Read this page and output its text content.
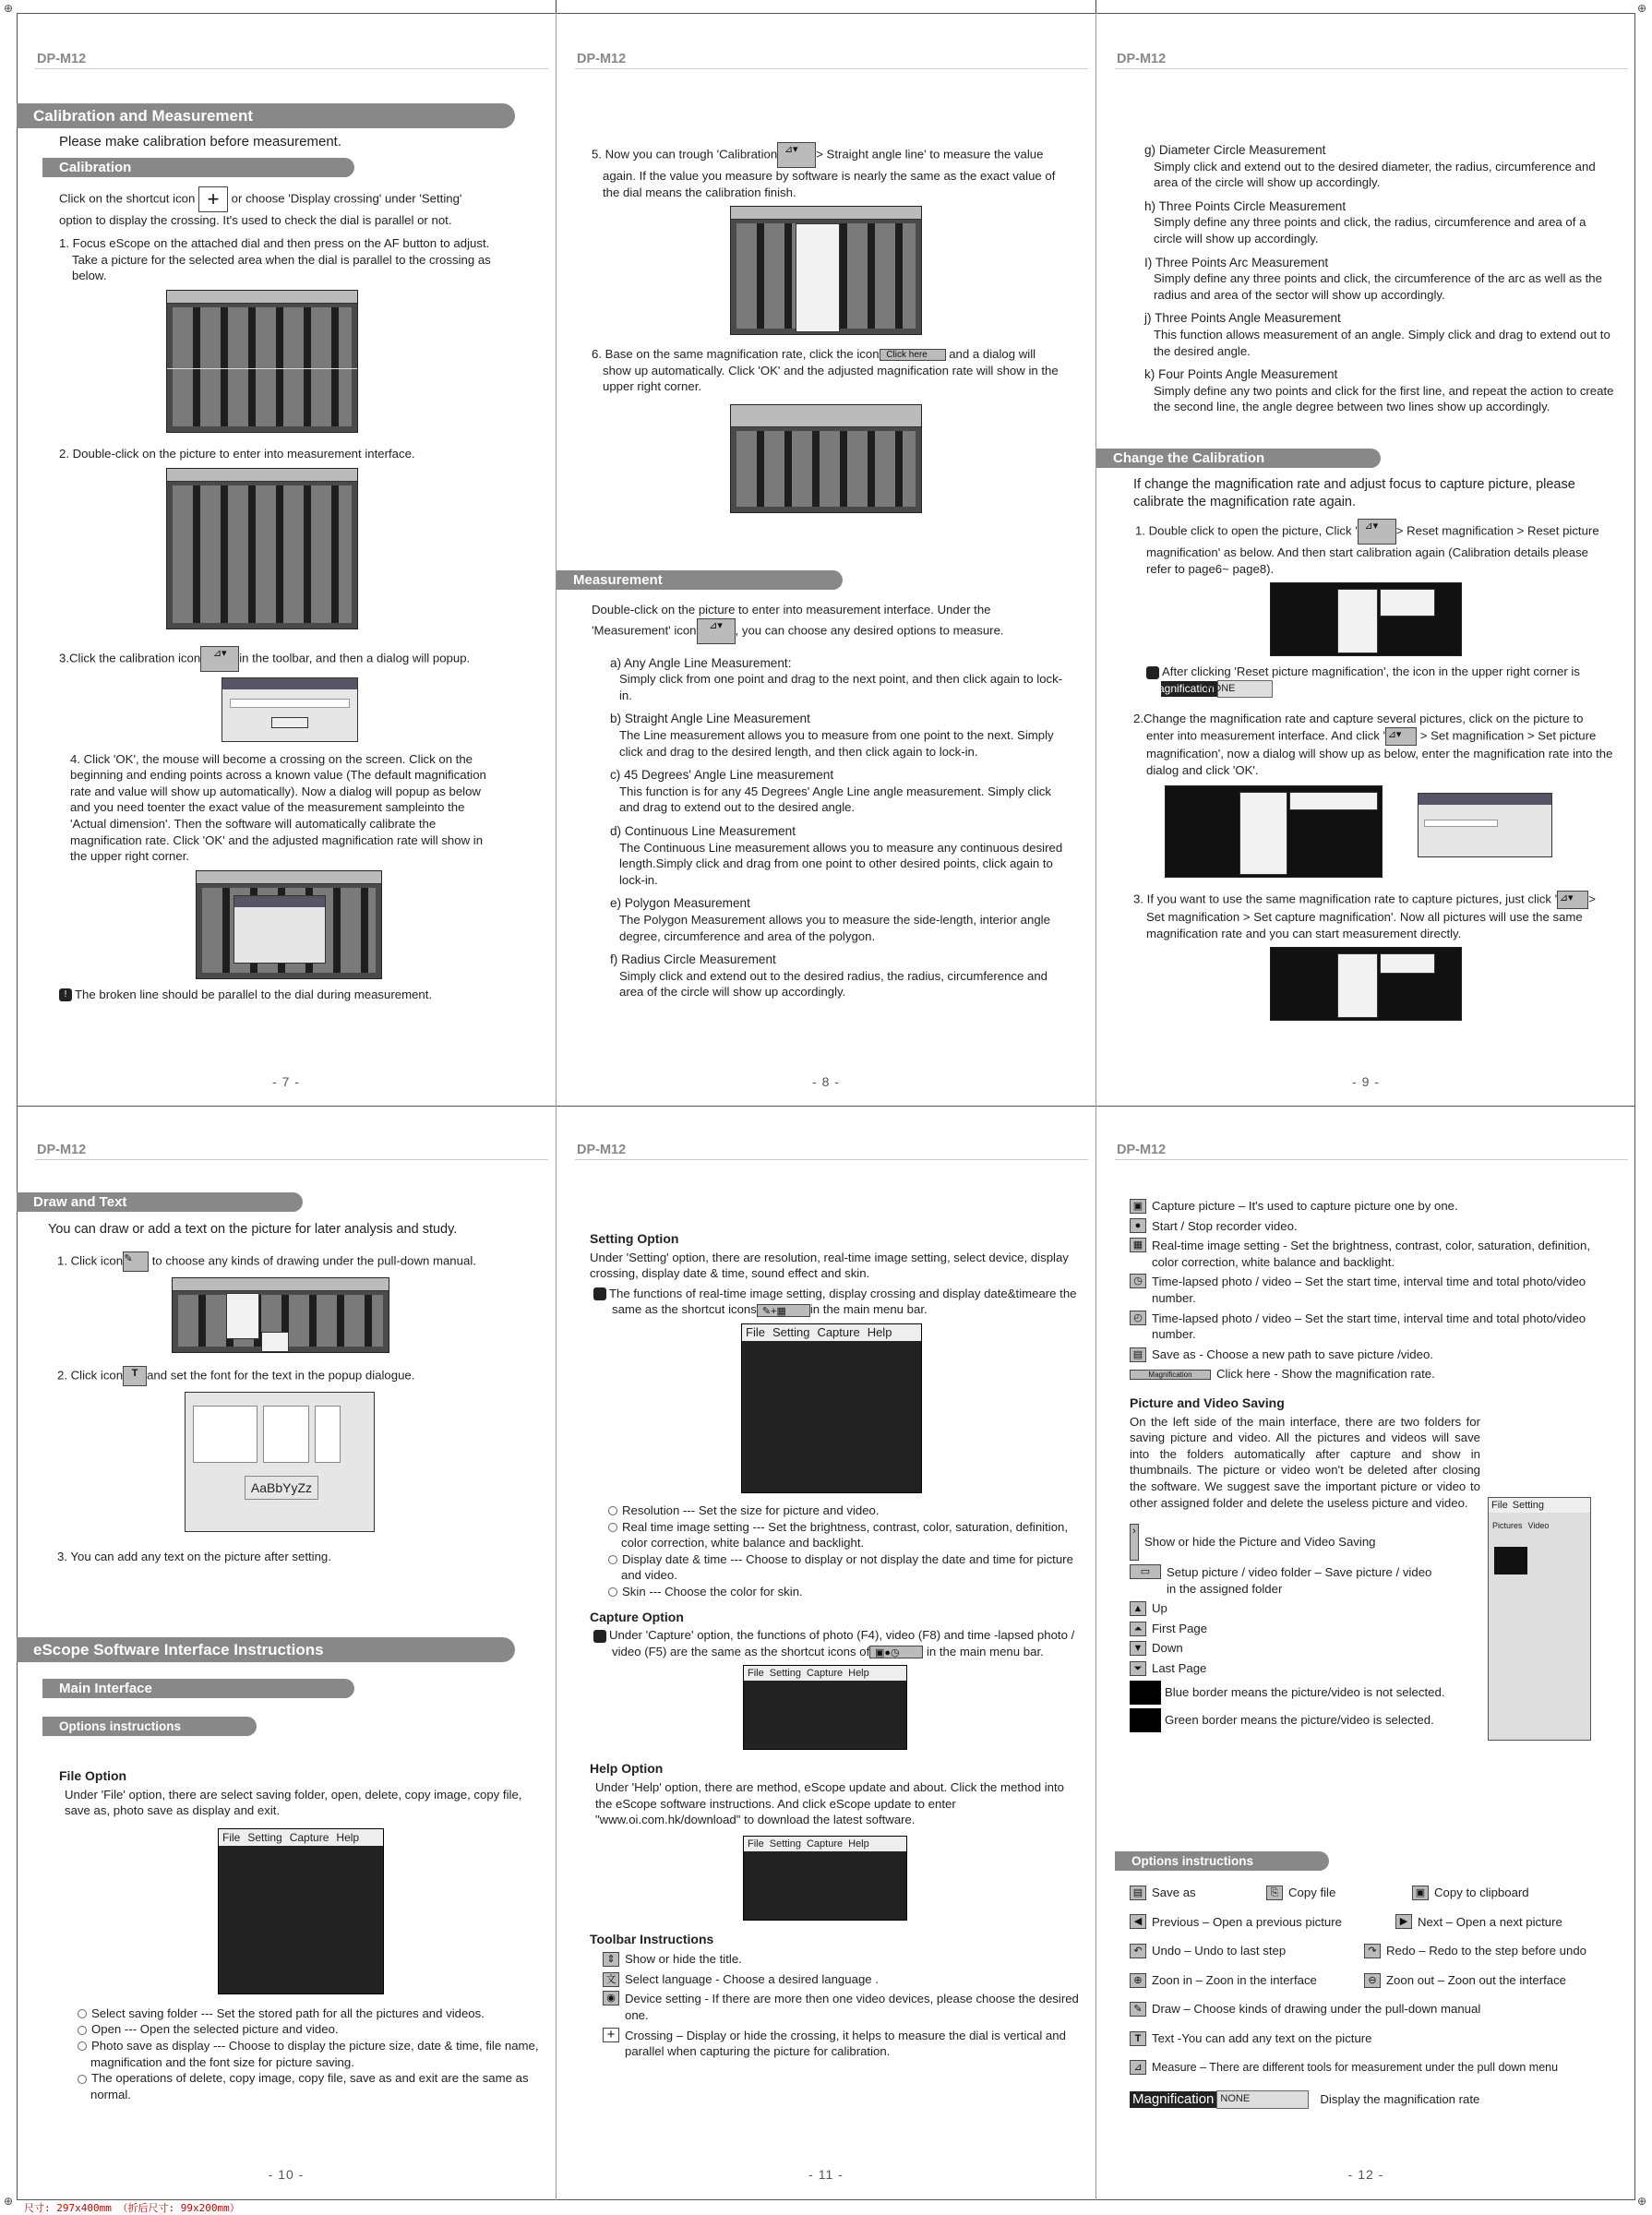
⊕	⊕
⊕	⊕
DP-M12
Calibration and Measurement

Please make calibration before measurement.

Calibration

Click on the shortcut icon + or choose 'Display crossing' under 'Setting' option to display the crossing. It's used to check the dial is parallel or not.

1. Focus eScope on the attached dial and then press on the AF button to adjust. Take a picture for the selected area when the dial is parallel to the crossing as below.

2. Double-click on the picture to enter into measurement interface.

3.Click the calibration icon ⊿▾ in the toolbar, and then a dialog will popup.

4. Click 'OK', the mouse will become a crossing on the screen. Click on the beginning and ending points across a known value (The default magnification rate and value will show up automatically). Now a dialog will popup as below and you need toenter the exact value of the measurement sampleinto the 'Actual dimension'. Then the software will automatically calibrate the magnification rate. Click 'OK' and the adjusted magnification rate will show in the upper right corner.

! The broken line should be parallel to the dial during measurement.

- 7 -
DP-M12

5. Now you can trough 'Calibration ⊿▾ > Straight angle line' to measure the value again. If the value you measure by software is nearly the same as the exact value of the dial means the calibration finish.

6. Base on the same magnification rate, click the icon Click here and a dialog will show up automatically. Click 'OK' and the adjusted magnification rate will show in the upper right corner.

Measurement

Double-click on the picture to enter into measurement interface. Under the 'Measurement' icon ⊿▾ , you can choose any desired options to measure.

a) Any Angle Line Measurement:

Simply click from one point and drag to the next point, and then click again to lock-in.

b) Straight Angle Line Measurement

The Line measurement allows you to measure from one point to the next. Simply click and drag to the desired length, and then click again to lock-in.

c) 45 Degrees' Angle Line measurement

This function is for any 45 Degrees' Angle Line angle measurement. Simply click and drag to extend out to the desired angle.

d) Continuous Line Measurement

The Continuous Line measurement allows you to measure any continuous desired length.Simply click and drag from one point to other desired points, click again to lock-in.

e) Polygon Measurement

The Polygon Measurement allows you to measure the side-length, interior angle degree, circumference and area of the polygon.

f) Radius Circle Measurement

Simply click and extend out to the desired radius, the radius, circumference and area of the circle will show up accordingly.

- 8 -
DP-M12

g) Diameter Circle Measurement

Simply click and extend out to the desired diameter, the radius, circumference and area of the circle will show up accordingly.

h) Three Points Circle Measurement

Simply define any three points and click, the radius, circumference and area of a circle will show up accordingly.

I) Three Points Arc Measurement

Simply define any three points and click, the circumference of the arc as well as the radius and area of the sector will show up accordingly.

j) Three Points Angle Measurement

This function allows measurement of an angle. Simply click and drag to extend out to the desired angle.

k) Four Points Angle Measurement

Simply define any two points and click for the first line, and repeat the action to create the second line, the angle degree between two lines show up accordingly.

Change the Calibration

If change the magnification rate and adjust focus to capture picture, please calibrate the magnification rate again.

1. Double click to open the picture, Click ' ⊿▾ > Reset magnification > Reset picture magnification' as below. And then start calibration again (Calibration details please refer to page6~ page8).

! After clicking 'Reset picture magnification', the icon in the upper right corner is MagnificationNONE

2.Change the magnification rate and capture several pictures, click on the picture to enter into measurement interface. And click ' ⊿▾ > Set magnification > Set picture magnification', now a dialog will show up as below, enter the magnification rate into the dialog and click 'OK'.

3. If you want to use the same magnification rate to capture pictures, just click ' ⊿▾ > Set magnification > Set capture magnification'. Now all pictures will use the same magnification rate and you can start measurement directly.

- 9 -
DP-M12
Draw and Text

You can draw or add a text on the picture for later analysis and study.

1. Click icon✎ to choose any kinds of drawing under the pull-down manual.

2. Click icon T and set the font for the text in the popup dialogue.

AaBbYyZz

3. You can add any text on the picture after setting.

eScope Software Interface Instructions
Main Interface
Options instructions

File Option

Under 'File' option, there are select saving folder, open, delete, copy image, copy file, save as, photo save as display and exit.

File Setting Capture Help
Select saving folder
Open
Delete
Copy image
Copy file
Save as
Photo save as display
Exit

Select saving folder --- Set the stored path for all the pictures and videos.

Open --- Open the selected picture and video.

Photo save as display --- Choose to display the picture size, date & time, file name, magnification and the font size for picture saving.

The operations of delete, copy image, copy file, save as and exit are the same as normal.

- 10 -
DP-M12

Setting Option

Under 'Setting' option, there are resolution, real-time image setting, select device, display crossing, display date & time, sound effect and skin.

! The functions of real-time image setting, display crossing and display date&timeare the same as the shortcut icons ✎+▦ in the main menu bar.

File Setting Capture Help
Resolution
Real-time image setting
Video compression
Display crossing
Display date & time
Sound effect
skin

Resolution --- Set the size for picture and video.

Real time image setting --- Set the brightness, contrast, color, saturation, definition, color correction, white balance and backlight.

Display date & time --- Choose to display or not display the date and time for picture and video.

Skin --- Choose the color for skin.

Capture Option

! Under 'Capture' option, the functions of photo (F4), video (F8) and time -lapsed photo / video (F5) are the same as the shortcut icons of ▣●◷ in the main menu bar.

File Setting Capture Help
Photo F4
Video F8
Time-lapsed photo/video F5

Help Option

Under 'Help' option, there are method, eScope update and about. Click the method into the eScope software instructions. And click eScope update to enter "www.oi.com.hk/download" to download the latest software.

File Setting Capture Help
Method
eScope update
About

Toolbar Instructions

⇕ Show or hide the title.
文 Select language - Choose a desired language .
◉ Device setting - If there are more then one video devices, please choose the desired one.
+ Crossing – Display or hide the crossing, it helps to measure the dial is vertical and parallel when capturing the picture for calibration.
- 11 -
DP-M12
▣ Capture picture – It's used to capture picture one by one.
● Start / Stop recorder video.
▦ Real-time image setting - Set the brightness, contrast, color, saturation, definition, color correction, white balance and backlight.
◷ Time-lapsed photo / video – Set the start time, interval time and total photo/video number.
◴ Time-lapsed photo / video – Set the start time, interval time and total photo/video number.
▤ Save as - Choose a new path to save picture /video.
Magnification	Click here - Show the magnification rate.

Picture and Video Saving

On the left side of the main interface, there are two folders for saving picture and video. All the pictures and videos will save into the folders automatically after capture and show in thumbnails. The picture or video won't be deleted after closing the software. We suggest save the important picture or video to other assigned folder and delete the useless picture and video.	File Setting
Pictures Video
›
Show or hide the Picture and Video Saving
▭	Setup picture / video folder – Save picture / video in the assigned folder
▲ Up
⏶ First Page
▼ Down
⏷ Last Page
Blue border means the picture/video is not selected.
Green border means the picture/video is selected.
Options instructions
▤ Save as	⎘ Copy file	▣ Copy to clipboard
◀ Previous – Open a previous picture	▶ Next – Open a next picture
↶ Undo – Undo to last step	↷ Redo – Redo to the step before undo
⊕ Zoon in – Zoon in the interface	⊖ Zoon out – Zoon out the interface
✎ Draw – Choose kinds of drawing under the pull-down manual
T Text -You can add any text on the picture
⊿ Measure – There are different tools for measurement under the pull down menu
Magnification NONE	Display the magnification rate
- 12 -
尺寸: 297x400mm （折后尺寸: 99x200mm）
